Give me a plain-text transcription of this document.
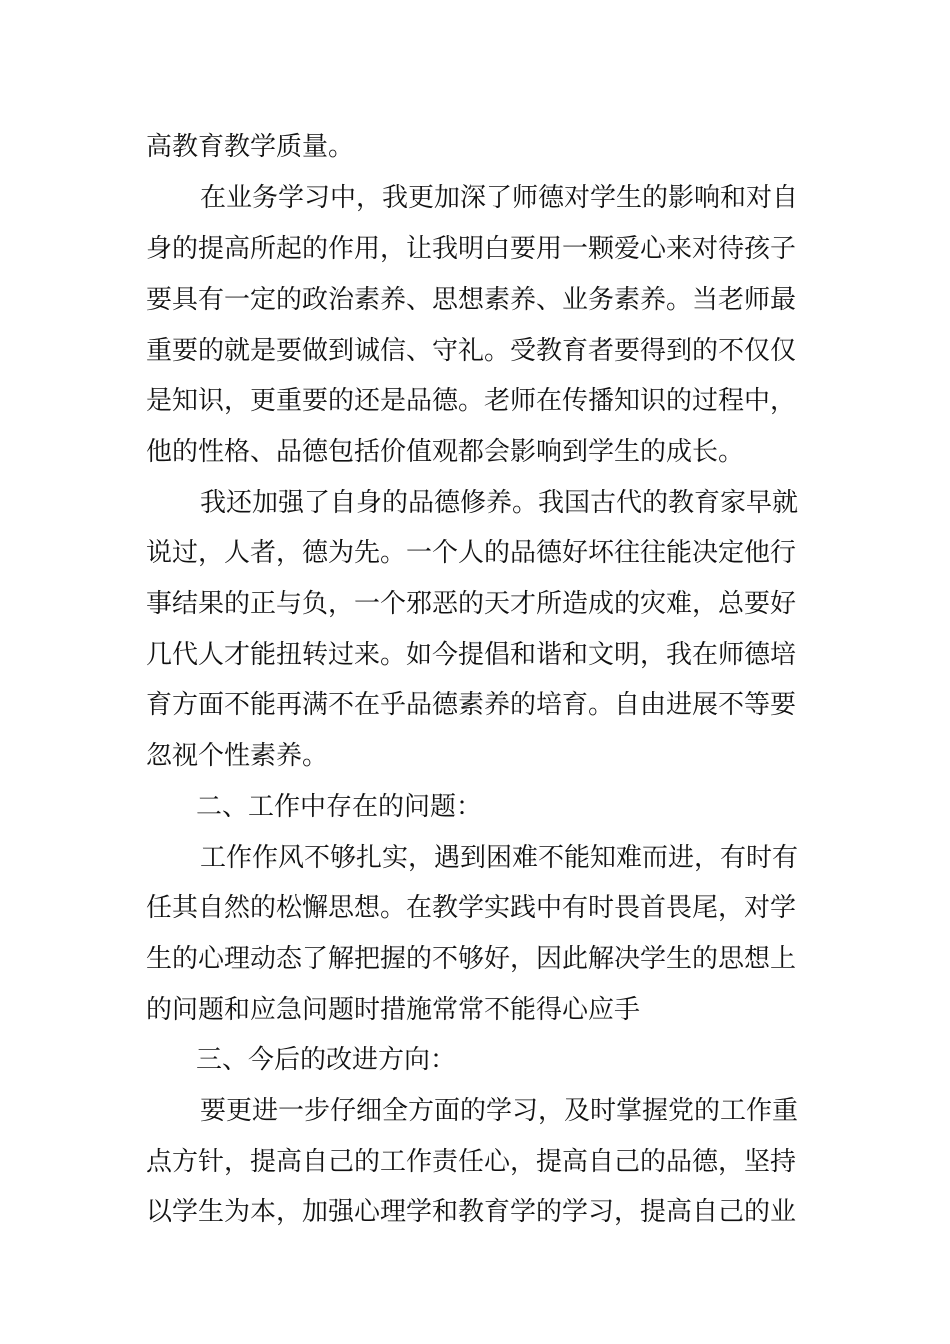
高教育教学质量。
在业务学习中，我更加深了师德对学生的影响和对自
身的提高所起的作用，让我明白要用一颗爱心来对待孩子
要具有一定的政治素养、思想素养、业务素养。当老师最
重要的就是要做到诚信、守礼。受教育者要得到的不仅仅
是知识，更重要的还是品德。老师在传播知识的过程中，
他的性格、品德包括价值观都会影响到学生的成长。
我还加强了自身的品德修养。我国古代的教育家早就
说过，人者，德为先。一个人的品德好坏往往能决定他行
事结果的正与负，一个邪恶的天才所造成的灾难，总要好
几代人才能扭转过来。如今提倡和谐和文明，我在师德培
育方面不能再满不在乎品德素养的培育。自由进展不等要
忽视个性素养。
二、工作中存在的问题：
工作作风不够扎实，遇到困难不能知难而进，有时有
任其自然的松懈思想。在教学实践中有时畏首畏尾，对学
生的心理动态了解把握的不够好，因此解决学生的思想上
的问题和应急问题时措施常常不能得心应手
三、今后的改进方向：
要更进一步仔细全方面的学习，及时掌握党的工作重
点方针，提高自己的工作责任心，提高自己的品德，坚持
以学生为本，加强心理学和教育学的学习，提高自己的业
